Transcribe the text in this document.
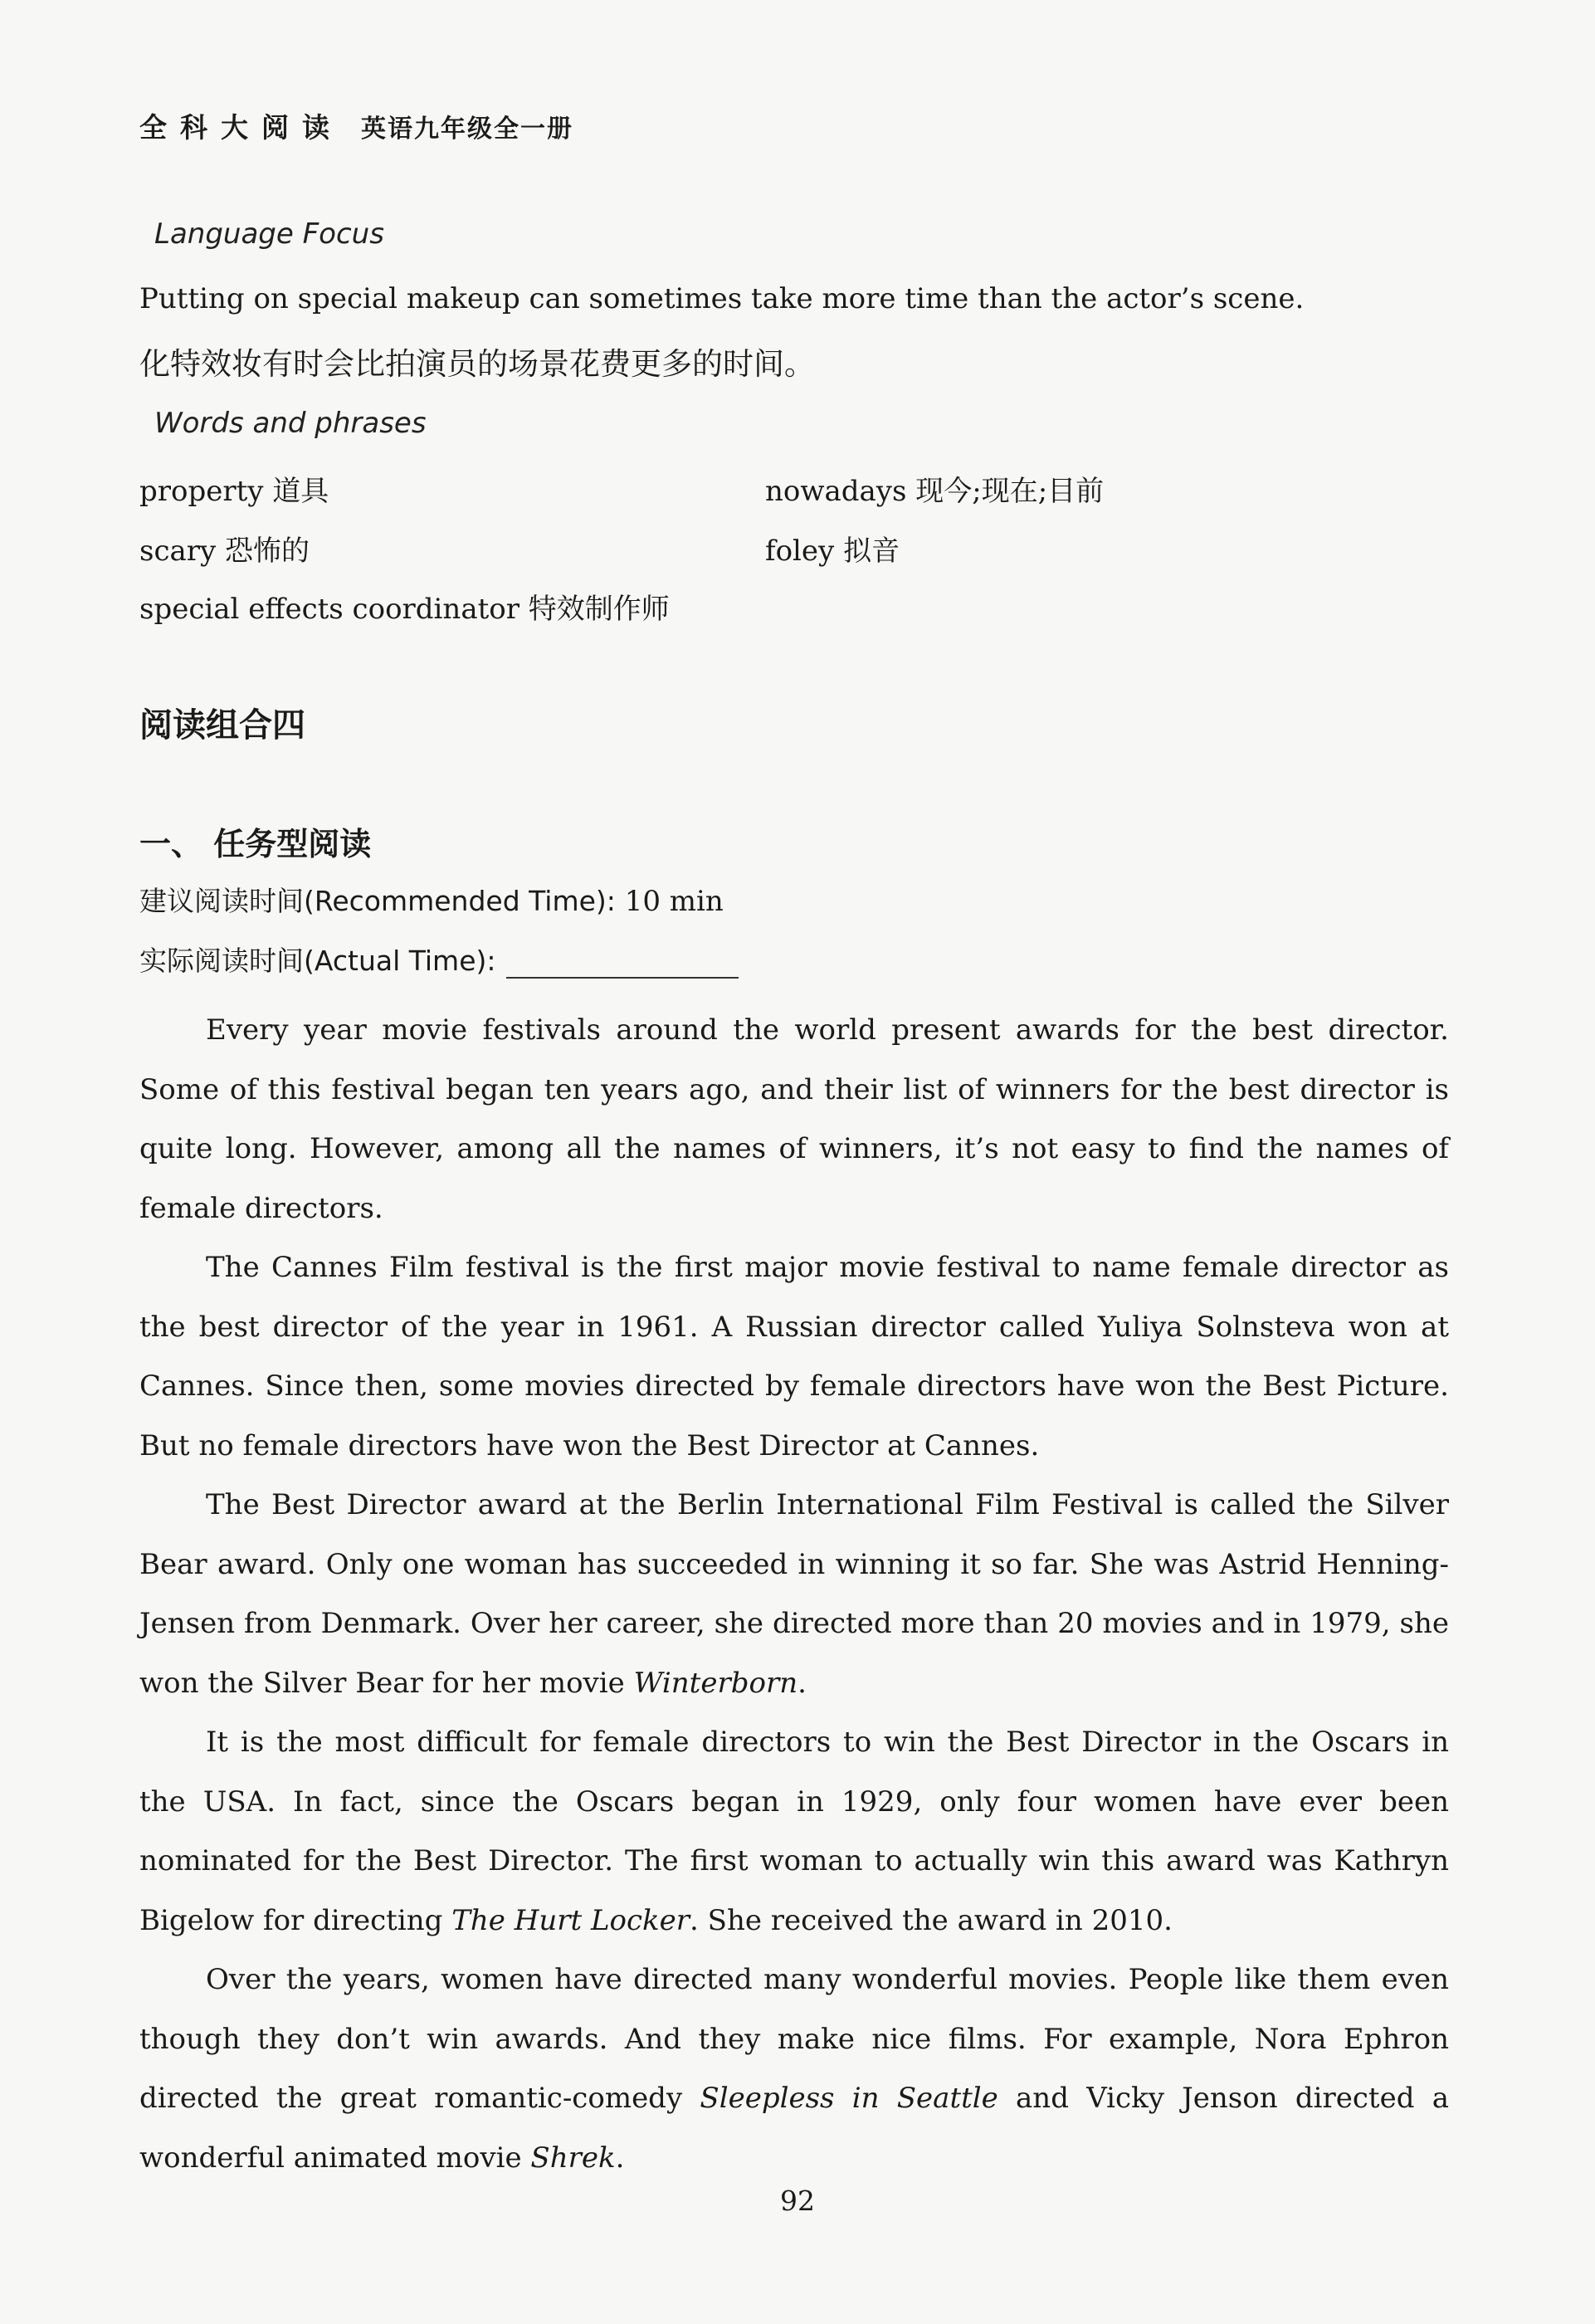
全科大阅读 英语九年级全一册
Language Focus
Putting on special makeup can sometimes take more time than the actor’s scene.
化特效妆有时会比拍演员的场景花费更多的时间。
Words and phrases
property 道具	nowadays 现今;现在;目前
scary 恐怖的	foley 拟音
special effects coordinator 特效制作师
阅读组合四
一、 任务型阅读
建议阅读时间(Recommended Time): 10 min
实际阅读时间(Actual Time):

Every year movie festivals around the world present awards for the best director. Some of this festival began ten years ago, and their list of winners for the best director is quite long. However, among all the names of winners, it’s not easy to find the names of female directors.

The Cannes Film festival is the first major movie festival to name female director as the best director of the year in 1961. A Russian director called Yuliya Solnsteva won at Cannes. Since then, some movies directed by female directors have won the Best Picture. But no female directors have won the Best Director at Cannes.

The Best Director award at the Berlin International Film Festival is called the Silver Bear award. Only one woman has succeeded in winning it so far. She was Astrid Henning-Jensen from Denmark. Over her career, she directed more than 20 movies and in 1979, she won the Silver Bear for her movie Winterborn.

It is the most difficult for female directors to win the Best Director in the Oscars in the USA. In fact, since the Oscars began in 1929, only four women have ever been nominated for the Best Director. The first woman to actually win this award was Kathryn Bigelow for directing The Hurt Locker. She received the award in 2010.

Over the years, women have directed many wonderful movies. People like them even though they don’t win awards. And they make nice films. For example, Nora Ephron directed the great romantic-comedy Sleepless in Seattle and Vicky Jenson directed a wonderful animated movie Shrek.

92
